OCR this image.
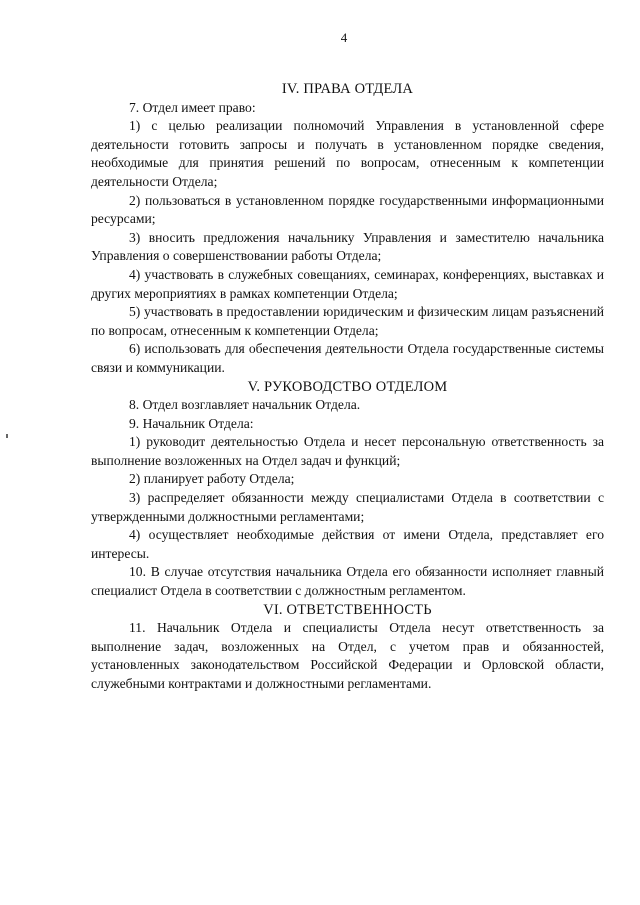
4
IV. ПРАВА ОТДЕЛА

7. Отдел имеет право:

1) с целью реализации полномочий Управления в установленной сфере деятельности готовить запросы и получать в установленном порядке сведения, необходимые для принятия решений по вопросам, отнесенным к компетенции деятельности Отдела;

2) пользоваться в установленном порядке государственными информационными ресурсами;

3) вносить предложения начальнику Управления и заместителю начальника Управления о совершенствовании работы Отдела;

4) участвовать в служебных совещаниях, семинарах, конференциях, выставках и других мероприятиях в рамках компетенции Отдела;

5) участвовать в предоставлении юридическим и физическим лицам разъяснений по вопросам, отнесенным к компетенции Отдела;

6) использовать для обеспечения деятельности Отдела государственные системы связи и коммуникации.

V. РУКОВОДСТВО ОТДЕЛОМ

8. Отдел возглавляет начальник Отдела.

9. Начальник Отдела:

1) руководит деятельностью Отдела и несет персональную ответственность за выполнение возложенных на Отдел задач и функций;

2) планирует работу Отдела;

3) распределяет обязанности между специалистами Отдела в соответствии с утвержденными должностными регламентами;

4) осуществляет необходимые действия от имени Отдела, представляет его интересы.

10. В случае отсутствия начальника Отдела его обязанности исполняет главный специалист Отдела в соответствии с должностным регламентом.

VI. ОТВЕТСТВЕННОСТЬ

11. Начальник Отдела и специалисты Отдела несут ответственность за выполнение задач, возложенных на Отдел, с учетом прав и обязанностей, установленных законодательством Российской Федерации и Орловской области, служебными контрактами и должностными регламентами.
